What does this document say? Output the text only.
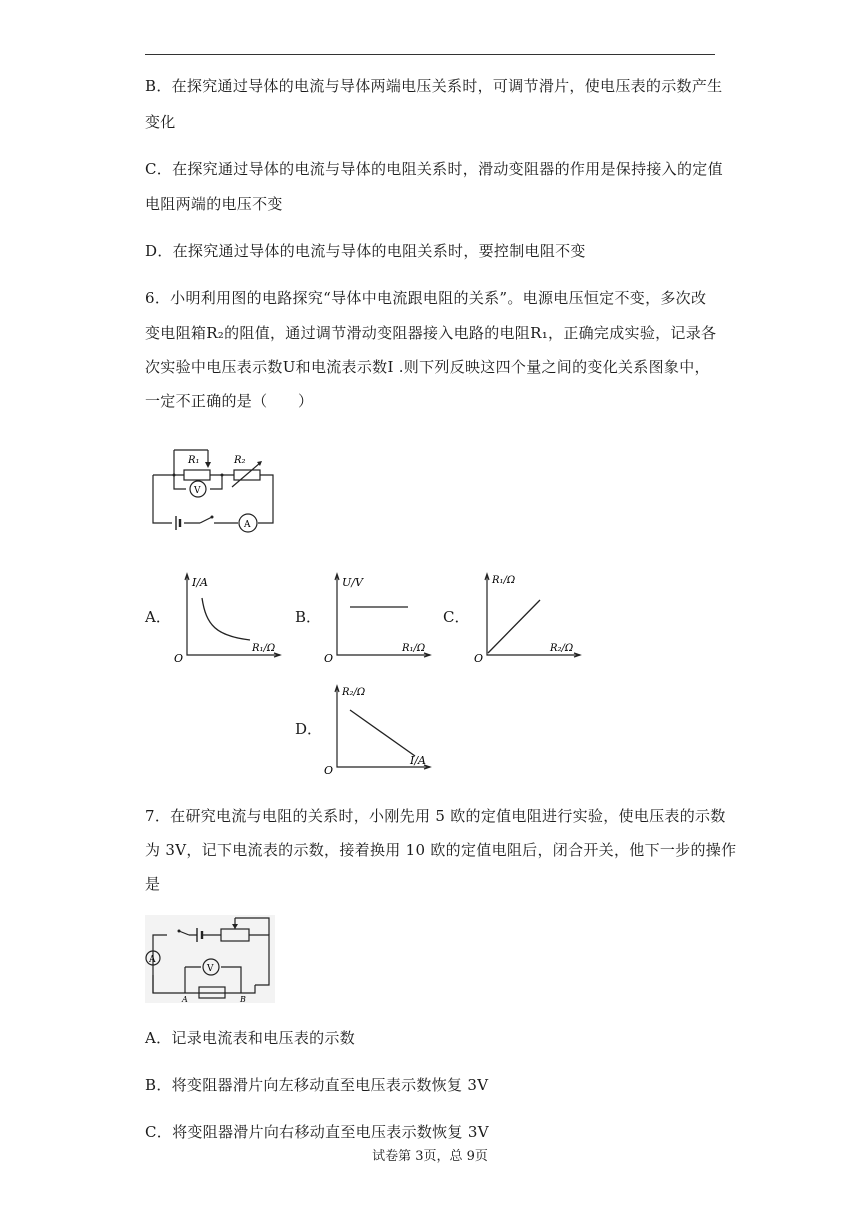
B．在探究通过导体的电流与导体两端电压关系时，可调节滑片，使电压表的示数产生
变化
C．在探究通过导体的电流与导体的电阻关系时，滑动变阻器的作用是保持接入的定值
电阻两端的电压不变
D．在探究通过导体的电流与导体的电阻关系时，要控制电阻不变
6．小明利用图的电路探究“导体中电流跟电阻的关系”。电源电压恒定不变，多次改
变电阻箱R₂的阻值，通过调节滑动变阻器接入电路的电阻R₁，正确完成实验，记录各
次实验中电压表示数U和电流表示数I .则下列反映这四个量之间的变化关系图象中，
一定不正确的是（　　）
R₁	R₂
V
A
A．	B．	C．
D．
I/A
R₁/Ω
O
U/V
R₁/Ω
O
R₁/Ω
R₂/Ω
O
R₂/Ω
I/A
O
7．在研究电流与电阻的关系时，小刚先用 5 欧的定值电阻进行实验，使电压表的示数
为 3V，记下电流表的示数，接着换用 10 欧的定值电阻后，闭合开关，他下一步的操作
是
A
V
A	B
A．记录电流表和电压表的示数
B．将变阻器滑片向左移动直至电压表示数恢复 3V
C．将变阻器滑片向右移动直至电压表示数恢复 3V
试卷第 3页，总 9页
